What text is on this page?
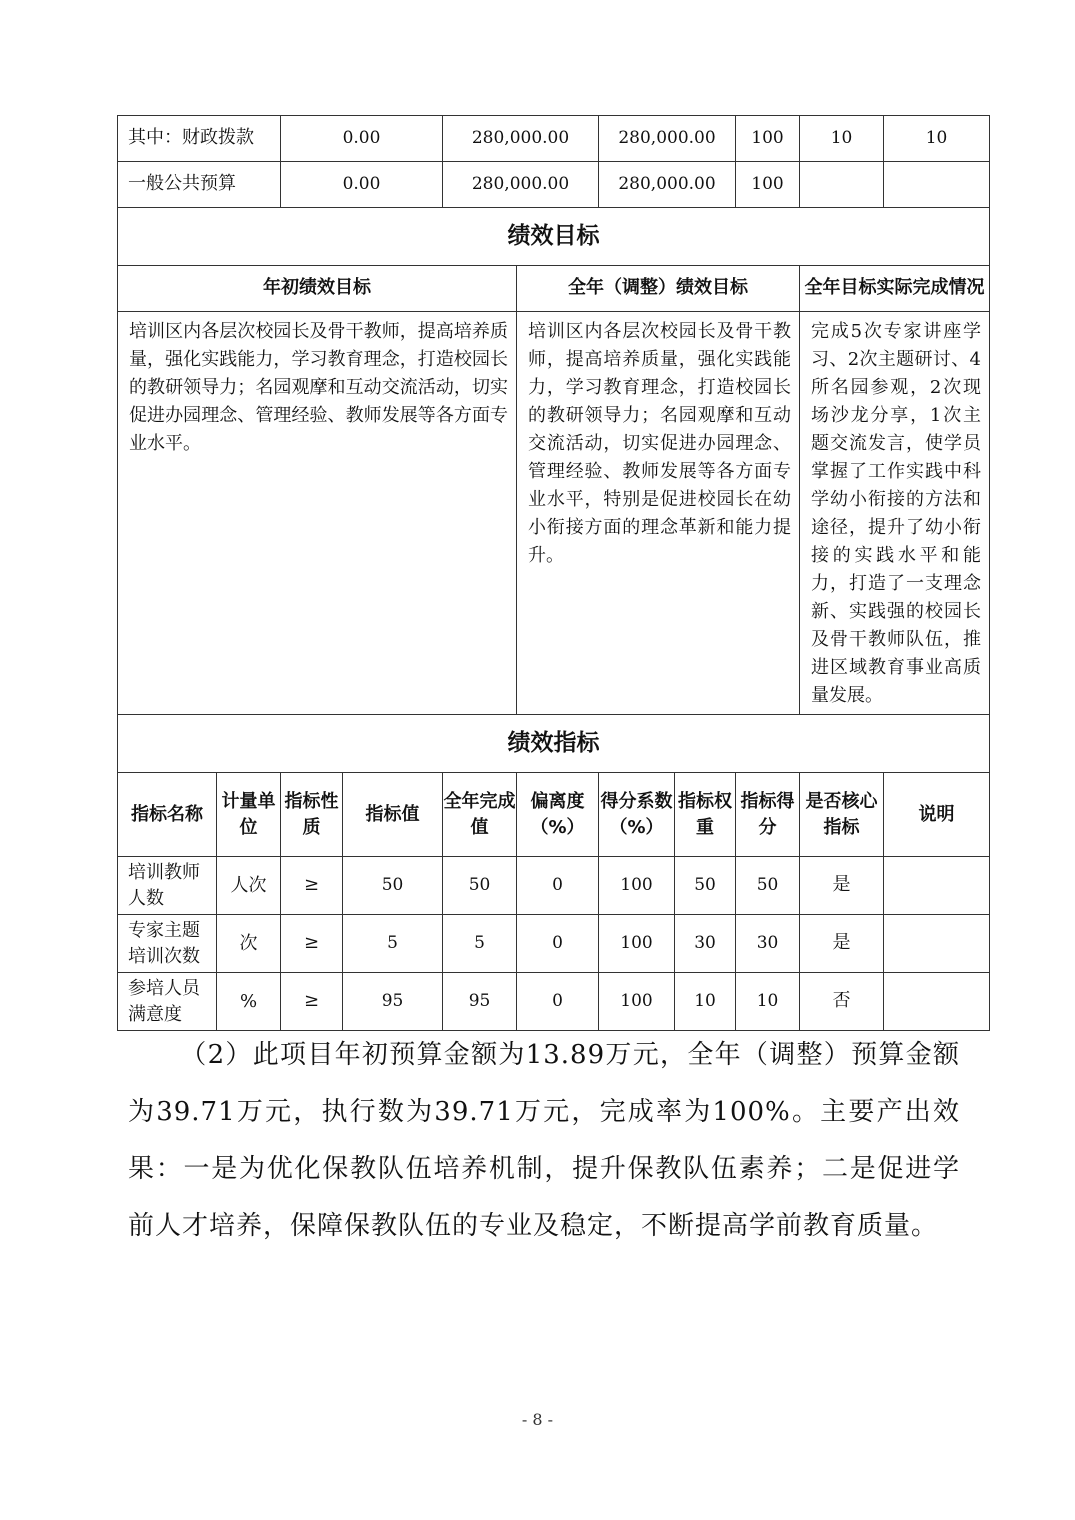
其中：财政拨款		0.00		280,000.00		280,000.00		100	10	10
一般公共预算		0.00		280,000.00		280,000.00		100		
绩效目标										
年初绩效目标					全年（调整）绩效目标				全年目标实际完成情况	
培训区内各层次校园长及骨干教师，提高培养质量，强化实践能力，学习教育理念，打造校园长的教研领导力；名园观摩和互动交流活动，切实促进办园理念、管理经验、教师发展等各方面专业水平。					培训区内各层次校园长及骨干教师，提高培养质量，强化实践能力，学习教育理念，打造校园长的教研领导力；名园观摩和互动交流活动，切实促进办园理念、管理经验、教师发展等各方面专业水平，特别是促进校园长在幼小衔接方面的理念革新和能力提升。				完成5次专家讲座学习、2次主题研讨、4所名园参观，2次现场沙龙分享，1次主题交流发言，使学员掌握了工作实践中科学幼小衔接的方法和途径，提升了幼小衔接的实践水平和能力，打造了一支理念新、实践强的校园长及骨干教师队伍，推进区域教育事业高质量发展。	
绩效指标										
指标名称	计量单位	指标性质	指标值	全年完成值	偏离度（%）	得分系数（%）	指标权重	指标得分	是否核心指标	说明
培训教师人数	人次	≥	50	50	0	100	50	50	是	
专家主题培训次数	次	≥	5	5	0	100	30	30	是	
参培人员满意度	%	≥	95	95	0	100	10	10	否	
（2）此项目年初预算金额为13.89万元，全年（调整）预算金额为39.71万元，执行数为39.71万元，完成率为100%。主要产出效果：一是为优化保教队伍培养机制，提升保教队伍素养；二是促进学前人才培养，保障保教队伍的专业及稳定，不断提高学前教育质量。
- 8 -
